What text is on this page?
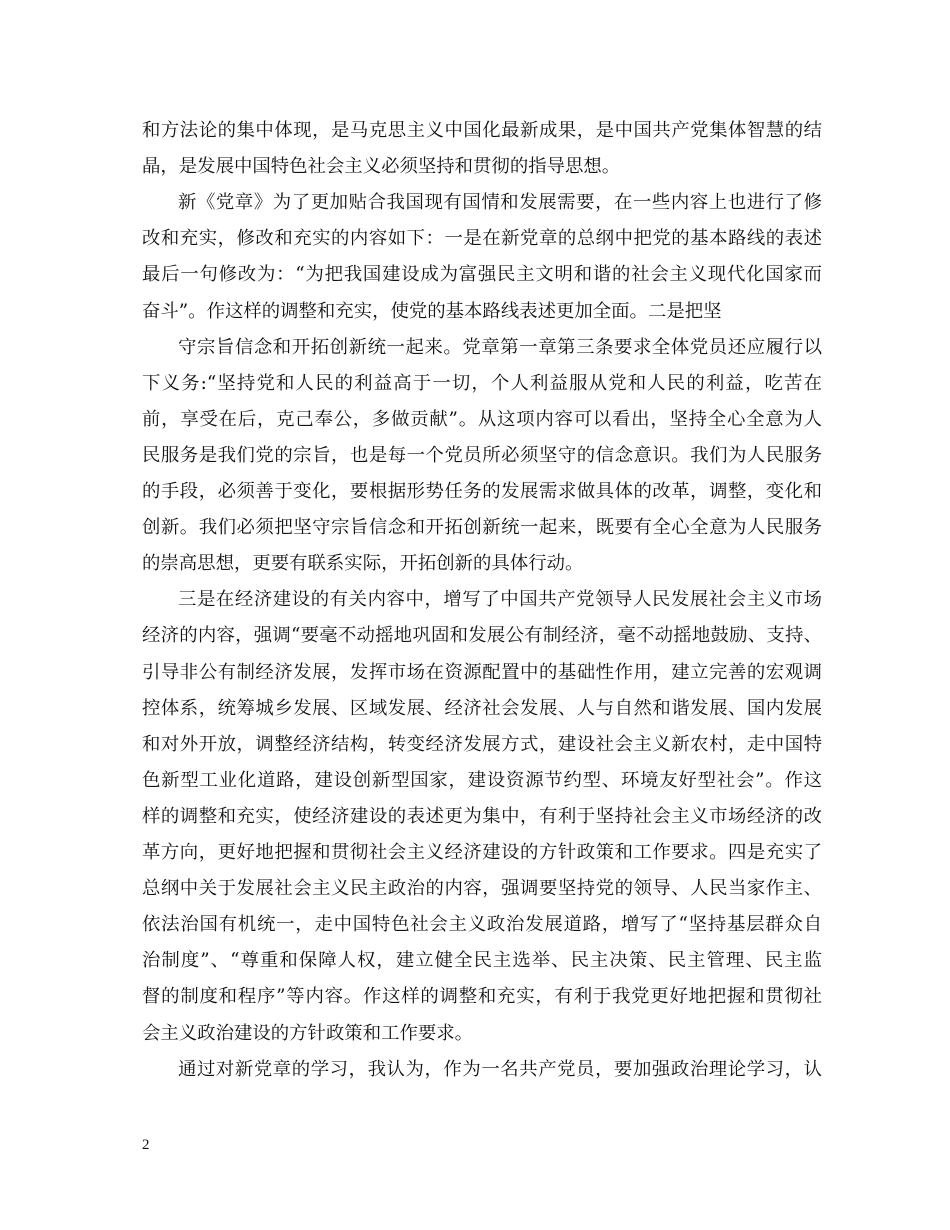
和方法论的集中体现，是马克思主义中国化最新成果，是中国共产党集体智慧的结
晶，是发展中国特色社会主义必须坚持和贯彻的指导思想。
新《党章》为了更加贴合我国现有国情和发展需要，在一些内容上也进行了修
改和充实，修改和充实的内容如下：一是在新党章的总纲中把党的基本路线的表述
最后一句修改为：“为把我国建设成为富强民主文明和谐的社会主义现代化国家而
奋斗”。作这样的调整和充实，使党的基本路线表述更加全面。二是把坚
守宗旨信念和开拓创新统一起来。党章第一章第三条要求全体党员还应履行以
下义务:“坚持党和人民的利益高于一切，个人利益服从党和人民的利益，吃苦在
前，享受在后，克己奉公，多做贡献”。从这项内容可以看出，坚持全心全意为人
民服务是我们党的宗旨，也是每一个党员所必须坚守的信念意识。我们为人民服务
的手段，必须善于变化，要根据形势任务的发展需求做具体的改革，调整，变化和
创新。我们必须把坚守宗旨信念和开拓创新统一起来，既要有全心全意为人民服务
的崇高思想，更要有联系实际，开拓创新的具体行动。
三是在经济建设的有关内容中，增写了中国共产党领导人民发展社会主义市场
经济的内容，强调“要毫不动摇地巩固和发展公有制经济，毫不动摇地鼓励、支持、
引导非公有制经济发展，发挥市场在资源配置中的基础性作用，建立完善的宏观调
控体系，统筹城乡发展、区域发展、经济社会发展、人与自然和谐发展、国内发展
和对外开放，调整经济结构，转变经济发展方式，建设社会主义新农村，走中国特
色新型工业化道路，建设创新型国家，建设资源节约型、环境友好型社会”。作这
样的调整和充实，使经济建设的表述更为集中，有利于坚持社会主义市场经济的改
革方向，更好地把握和贯彻社会主义经济建设的方针政策和工作要求。四是充实了
总纲中关于发展社会主义民主政治的内容，强调要坚持党的领导、人民当家作主、
依法治国有机统一，走中国特色社会主义政治发展道路，增写了“坚持基层群众自
治制度”、“尊重和保障人权，建立健全民主选举、民主决策、民主管理、民主监
督的制度和程序”等内容。作这样的调整和充实，有利于我党更好地把握和贯彻社
会主义政治建设的方针政策和工作要求。
通过对新党章的学习，我认为，作为一名共产党员，要加强政治理论学习，认
2
